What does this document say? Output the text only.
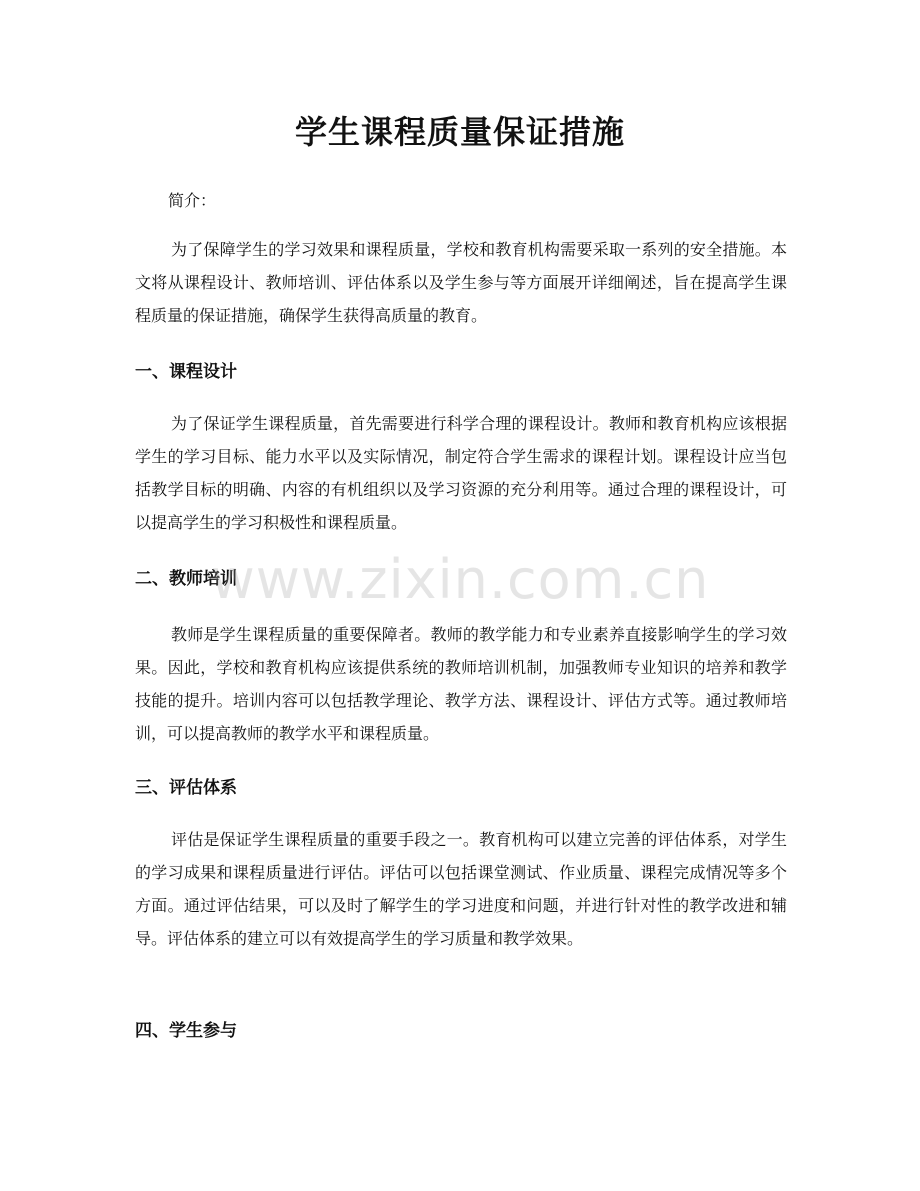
学生课程质量保证措施

简介：

为了保障学生的学习效果和课程质量，学校和教育机构需要采取一系列的安全措施。本文将从课程设计、教师培训、评估体系以及学生参与等方面展开详细阐述，旨在提高学生课程质量的保证措施，确保学生获得高质量的教育。

一、课程设计

为了保证学生课程质量，首先需要进行科学合理的课程设计。教师和教育机构应该根据学生的学习目标、能力水平以及实际情况，制定符合学生需求的课程计划。课程设计应当包括教学目标的明确、内容的有机组织以及学习资源的充分利用等。通过合理的课程设计，可以提高学生的学习积极性和课程质量。

二、教师培训

教师是学生课程质量的重要保障者。教师的教学能力和专业素养直接影响学生的学习效果。因此，学校和教育机构应该提供系统的教师培训机制，加强教师专业知识的培养和教学技能的提升。培训内容可以包括教学理论、教学方法、课程设计、评估方式等。通过教师培训，可以提高教师的教学水平和课程质量。

三、评估体系

评估是保证学生课程质量的重要手段之一。教育机构可以建立完善的评估体系，对学生的学习成果和课程质量进行评估。评估可以包括课堂测试、作业质量、课程完成情况等多个方面。通过评估结果，可以及时了解学生的学习进度和问题，并进行针对性的教学改进和辅导。评估体系的建立可以有效提高学生的学习质量和教学效果。

四、学生参与
www.zixin.com.cn
